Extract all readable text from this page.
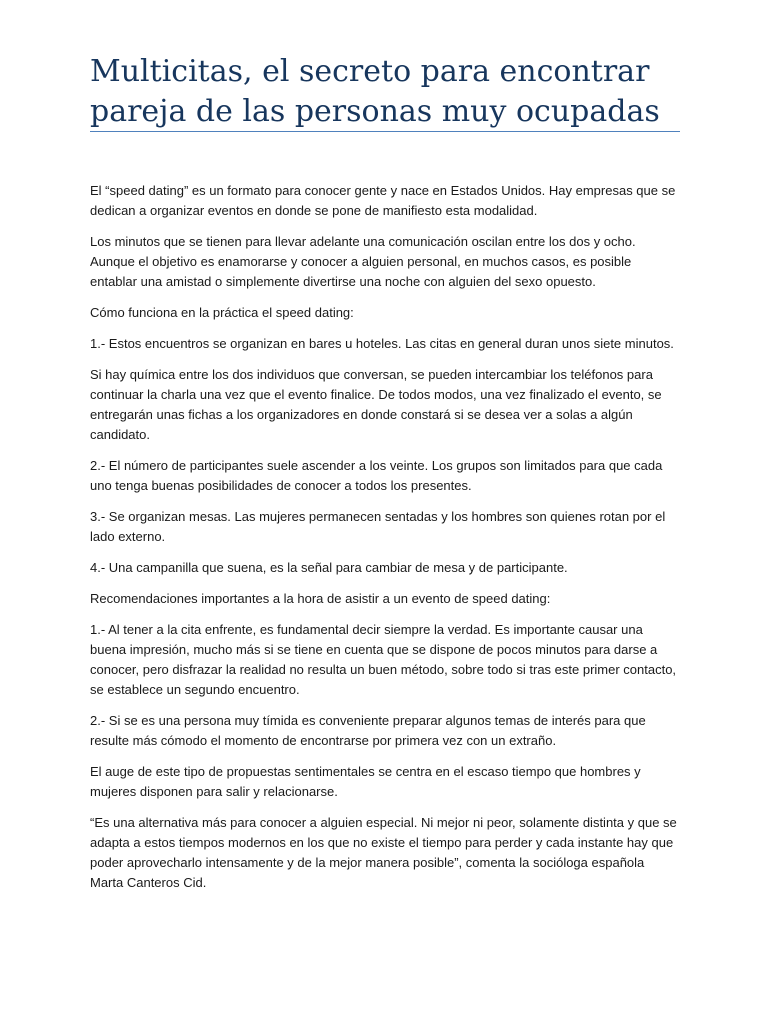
Multicitas, el secreto para encontrar pareja de las personas muy ocupadas

El “speed dating” es un formato para conocer gente y nace en Estados Unidos. Hay empresas que se dedican a organizar eventos en donde se pone de manifiesto esta modalidad.

Los minutos que se tienen para llevar adelante una comunicación oscilan entre los dos y ocho. Aunque el objetivo es enamorarse y conocer a alguien personal, en muchos casos, es posible entablar una amistad o simplemente divertirse una noche con alguien del sexo opuesto.

Cómo funciona en la práctica el speed dating:

1.- Estos encuentros se organizan en bares u hoteles. Las citas en general duran unos siete minutos.

Si hay química entre los dos individuos que conversan, se pueden intercambiar los teléfonos para continuar la charla una vez que el evento finalice. De todos modos, una vez finalizado el evento, se entregarán unas fichas a los organizadores en donde constará si se desea ver a solas a algún candidato.

2.- El número de participantes suele ascender a los veinte. Los grupos son limitados para que cada uno tenga buenas posibilidades de conocer a todos los presentes.

3.- Se organizan mesas. Las mujeres permanecen sentadas y los hombres son quienes rotan por el lado externo.

4.- Una campanilla que suena, es la señal para cambiar de mesa y de participante.

Recomendaciones importantes a la hora de asistir a un evento de speed dating:

1.- Al tener a la cita enfrente, es fundamental decir siempre la verdad. Es importante causar una buena impresión, mucho más si se tiene en cuenta que se dispone de pocos minutos para darse a conocer, pero disfrazar la realidad no resulta un buen método, sobre todo si tras este primer contacto, se establece un segundo encuentro.

2.- Si se es una persona muy tímida es conveniente preparar algunos temas de interés para que resulte más cómodo el momento de encontrarse por primera vez con un extraño.

El auge de este tipo de propuestas sentimentales se centra en el escaso tiempo que hombres y mujeres disponen para salir y relacionarse.

“Es una alternativa más para conocer a alguien especial. Ni mejor ni peor, solamente distinta y que se adapta a estos tiempos modernos en los que no existe el tiempo para perder y cada instante hay que poder aprovecharlo intensamente y de la mejor manera posible”, comenta la socióloga española Marta Canteros Cid.
